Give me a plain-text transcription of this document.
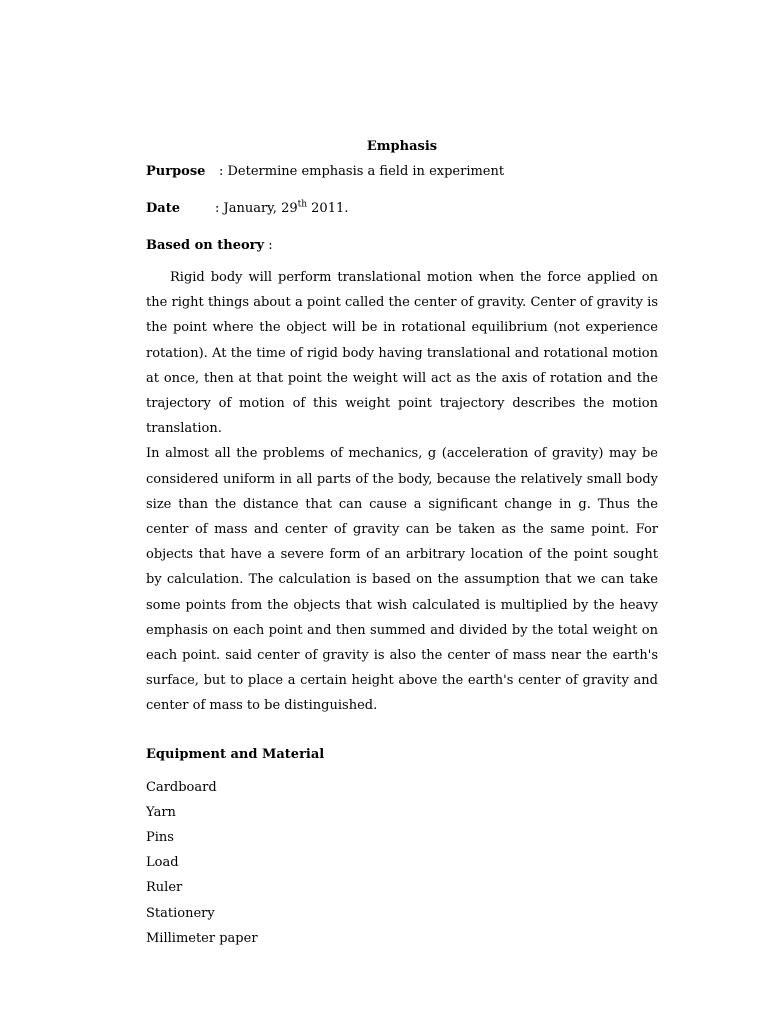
Emphasis
Purpose : Determine emphasis a field in experiment
Date	: January, 29th 2011.
Based on theory :

Rigid body will perform translational motion when the force applied on the right things about a point called the center of gravity. Center of gravity is the point where the object will be in rotational equilibrium (not experience rotation). At the time of rigid body having translational and rotational motion at once, then at that point the weight will act as the axis of rotation and the trajectory of motion of this weight point trajectory describes the motion translation.

In almost all the problems of mechanics, g (acceleration of gravity) may be considered uniform in all parts of the body, because the relatively small body size than the distance that can cause a significant change in g. Thus the center of mass and center of gravity can be taken as the same point. For objects that have a severe form of an arbitrary location of the point sought by calculation. The calculation is based on the assumption that we can take some points from the objects that wish calculated is multiplied by the heavy emphasis on each point and then summed and divided by the total weight on each point. said center of gravity is also the center of mass near the earth's surface, but to place a certain height above the earth's center of gravity and center of mass to be distinguished.

Equipment and Material
Cardboard
Yarn
Pins
Load
Ruler
Stationery
Millimeter paper
